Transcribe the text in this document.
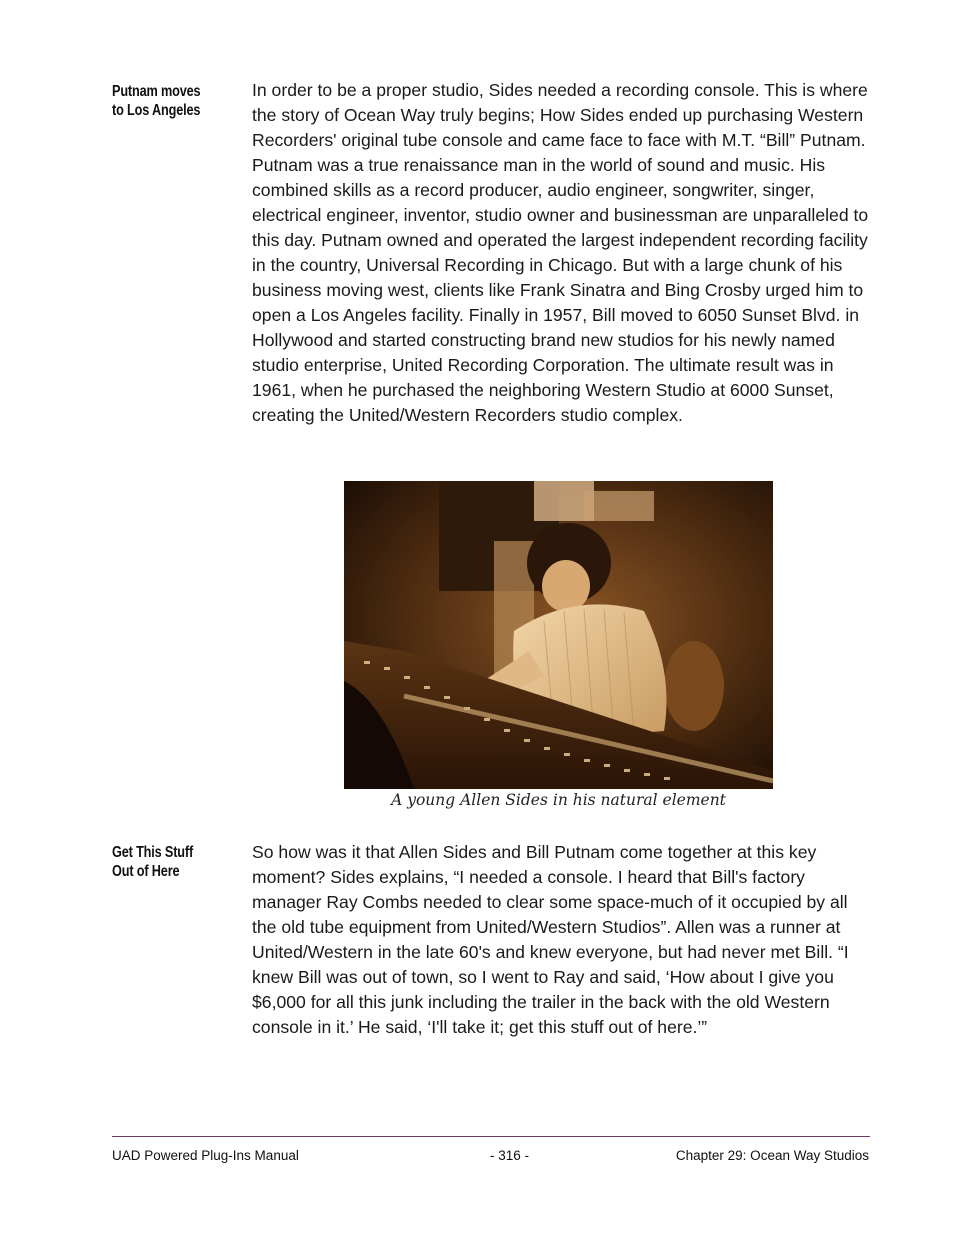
Putnam moves
to Los Angeles

In order to be a proper studio, Sides needed a recording console. This is where the story of Ocean Way truly begins; How Sides ended up purchasing Western Recorders' original tube console and came face to face with M.T. “Bill” Putnam. Putnam was a true renaissance man in the world of sound and music. His combined skills as a record producer, audio engineer, songwriter, singer, electrical engineer, inventor, studio owner and businessman are unparalleled to this day. Putnam owned and operated the largest independent recording facility in the country, Universal Recording in Chicago. But with a large chunk of his business moving west, clients like Frank Sinatra and Bing Crosby urged him to open a Los Angeles facility. Finally in 1957, Bill moved to 6050 Sunset Blvd. in Hollywood and started constructing brand new studios for his newly named studio enterprise, United Recording Corporation. The ultimate result was in 1961, when he purchased the neighboring Western Studio at 6000 Sunset, creating the United/Western Recorders studio complex.

A young Allen Sides in his natural element
Get This Stuff
Out of Here

So how was it that Allen Sides and Bill Putnam come together at this key moment? Sides explains, “I needed a console. I heard that Bill's factory manager Ray Combs needed to clear some space-much of it occupied by all the old tube equipment from United/Western Studios”. Allen was a runner at United/Western in the late 60's and knew everyone, but had never met Bill. “I knew Bill was out of town, so I went to Ray and said, ‘How about I give you $6,000 for all this junk including the trailer in the back with the old Western console in it.’ He said, ‘I'll take it; get this stuff out of here.’”

UAD Powered Plug-Ins Manual	- 316 -	Chapter 29: Ocean Way Studios
